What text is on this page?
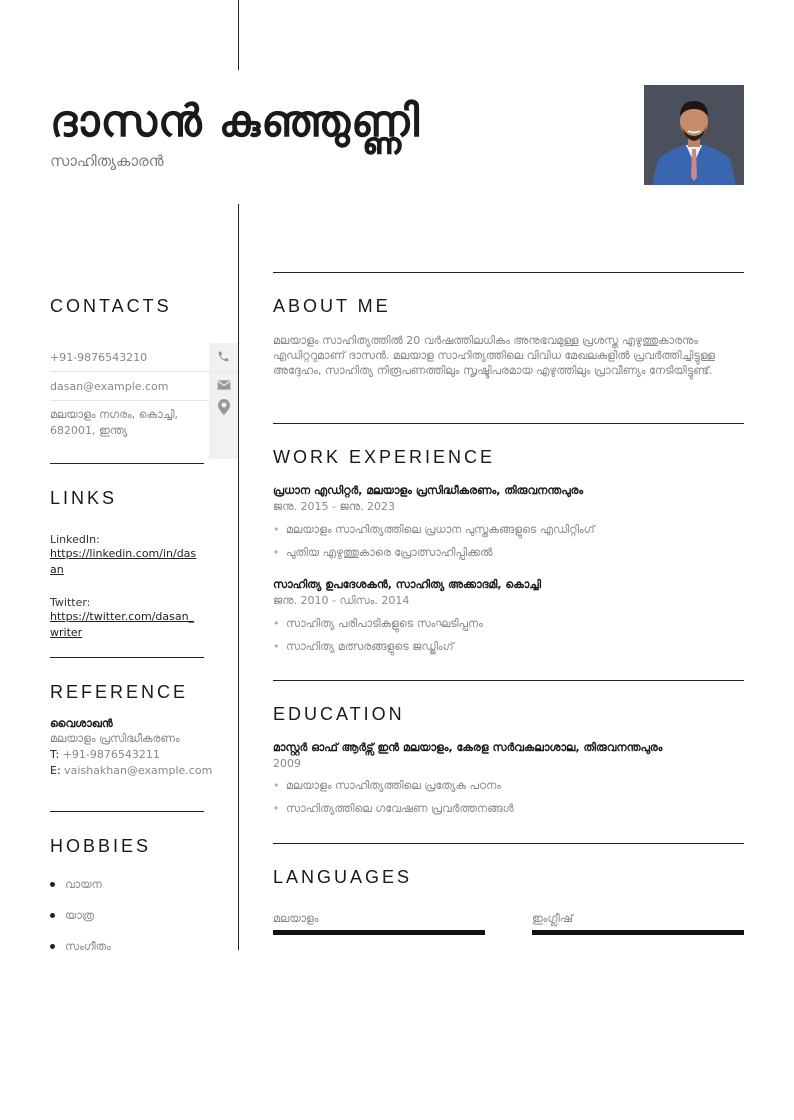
ദാസൻ കുഞ്ഞുണ്ണി
സാഹിത്യകാരൻ
CONTACTS
+91-9876543210
dasan@example.com
മലയാളം നഗരം, കൊച്ചി, 682001, ഇന്ത്യ
LINKS
LinkedIn:
https://linkedin.com/in/dasan
Twitter:
https://twitter.com/dasan_writer
REFERENCE
വൈശാഖൻ
മലയാളം പ്രസിദ്ധീകരണം
T: +91-9876543211
E: vaishakhan@example.com
HOBBIES
വായന
യാത്ര
സംഗീതം
ABOUT ME

മലയാളം സാഹിത്യത്തിൽ 20 വർഷത്തിലധികം അനുഭവമുള്ള പ്രശസ്ത എഴുത്തുകാരനും എഡിറ്ററുമാണ് ദാസൻ. മലയാള സാഹിത്യത്തിലെ വിവിധ മേഖലകളിൽ പ്രവർത്തിച്ചിട്ടുള്ള അദ്ദേഹം, സാഹിത്യ നിരൂപണത്തിലും സൃഷ്ടിപരമായ എഴുത്തിലും പ്രാവീണ്യം നേടിയിട്ടുണ്ട്.

WORK EXPERIENCE
പ്രധാന എഡിറ്റർ, മലയാളം പ്രസിദ്ധീകരണം, തിരുവനന്തപുരം
ജനു. 2015 - ജനു. 2023
• മലയാളം സാഹിത്യത്തിലെ പ്രധാന പുസ്തകങ്ങളുടെ എഡിറ്റിംഗ്
• പുതിയ എഴുത്തുകാരെ പ്രോത്സാഹിപ്പിക്കൽ
സാഹിത്യ ഉപദേശകൻ, സാഹിത്യ അക്കാദമി, കൊച്ചി
ജനു. 2010 - ഡിസം. 2014
• സാഹിത്യ പരിപാടികളുടെ സംഘടിപ്പനം
• സാഹിത്യ മത്സരങ്ങളുടെ ജഡ്ജിംഗ്
EDUCATION
മാസ്റ്റർ ഓഫ് ആർട്സ് ഇൻ മലയാളം, കേരള സർവകലാശാല, തിരുവനന്തപുരം
2009
• മലയാളം സാഹിത്യത്തിലെ പ്രത്യേക പഠനം
• സാഹിത്യത്തിലെ ഗവേഷണ പ്രവർത്തനങ്ങൾ
LANGUAGES
മലയാളം	ഇംഗ്ലീഷ്
